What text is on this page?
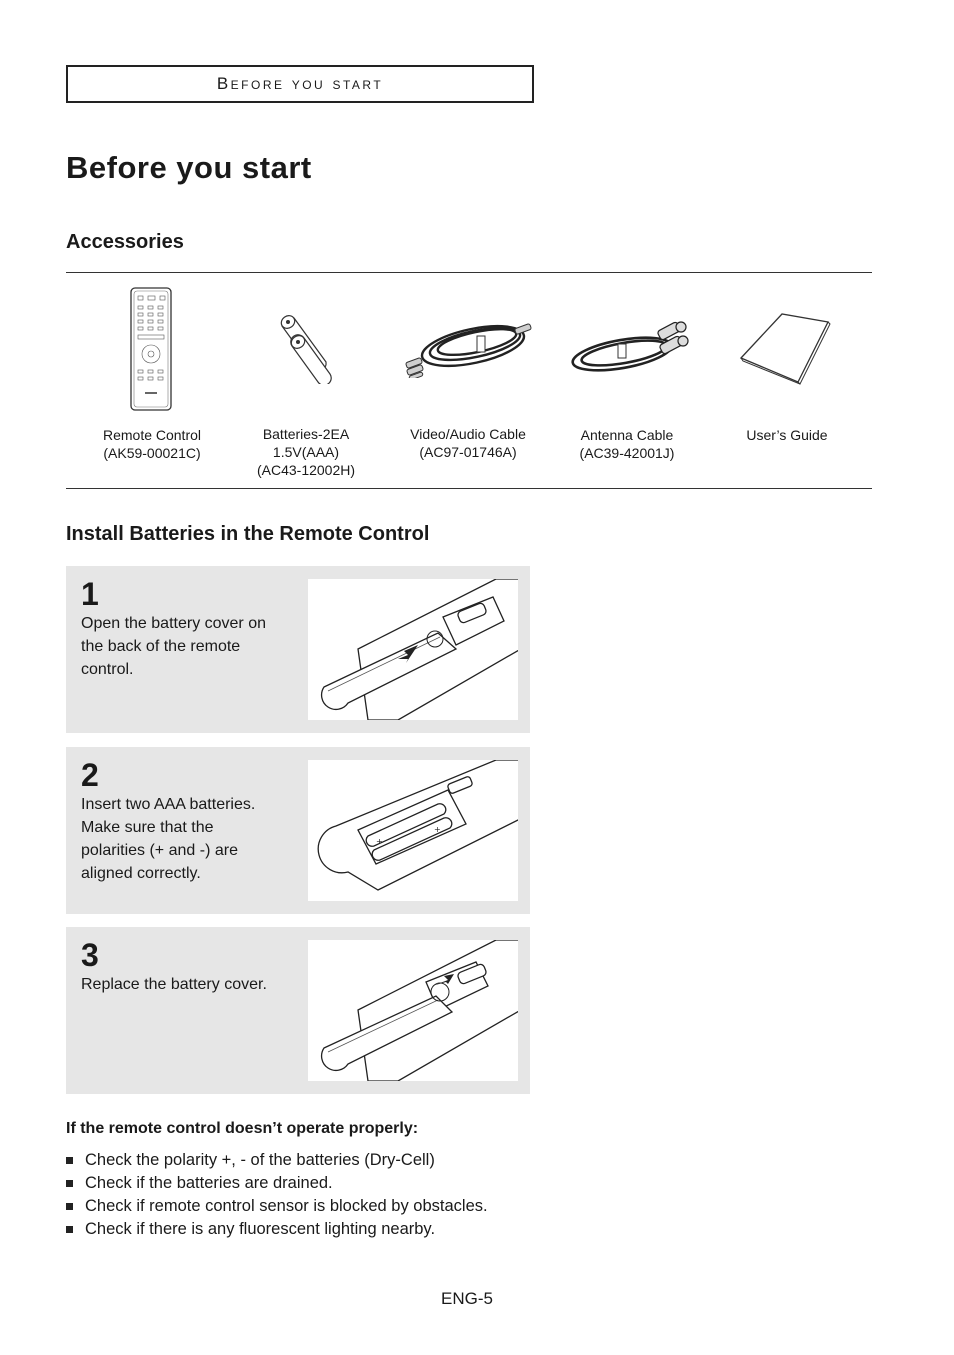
Before you start
Before you start
Accessories
Remote Control
(AK59-00021C)
Batteries-2EA
1.5V(AAA)
(AC43-12002H)
Video/Audio Cable
(AC97-01746A)
Antenna Cable
(AC39-42001J)
User’s Guide
Install Batteries in the Remote Control
1
Open the battery cover on the back of the remote control.
2
Insert two AAA batteries. Make sure that the polarities (+ and -) are aligned correctly.
+
+
3
Replace the battery cover.
If the remote control doesn’t operate properly:
Check the polarity +, - of the batteries (Dry-Cell)
Check if the batteries are drained.
Check if remote control sensor is blocked by obstacles.
Check if there is any fluorescent lighting nearby.
ENG-5
